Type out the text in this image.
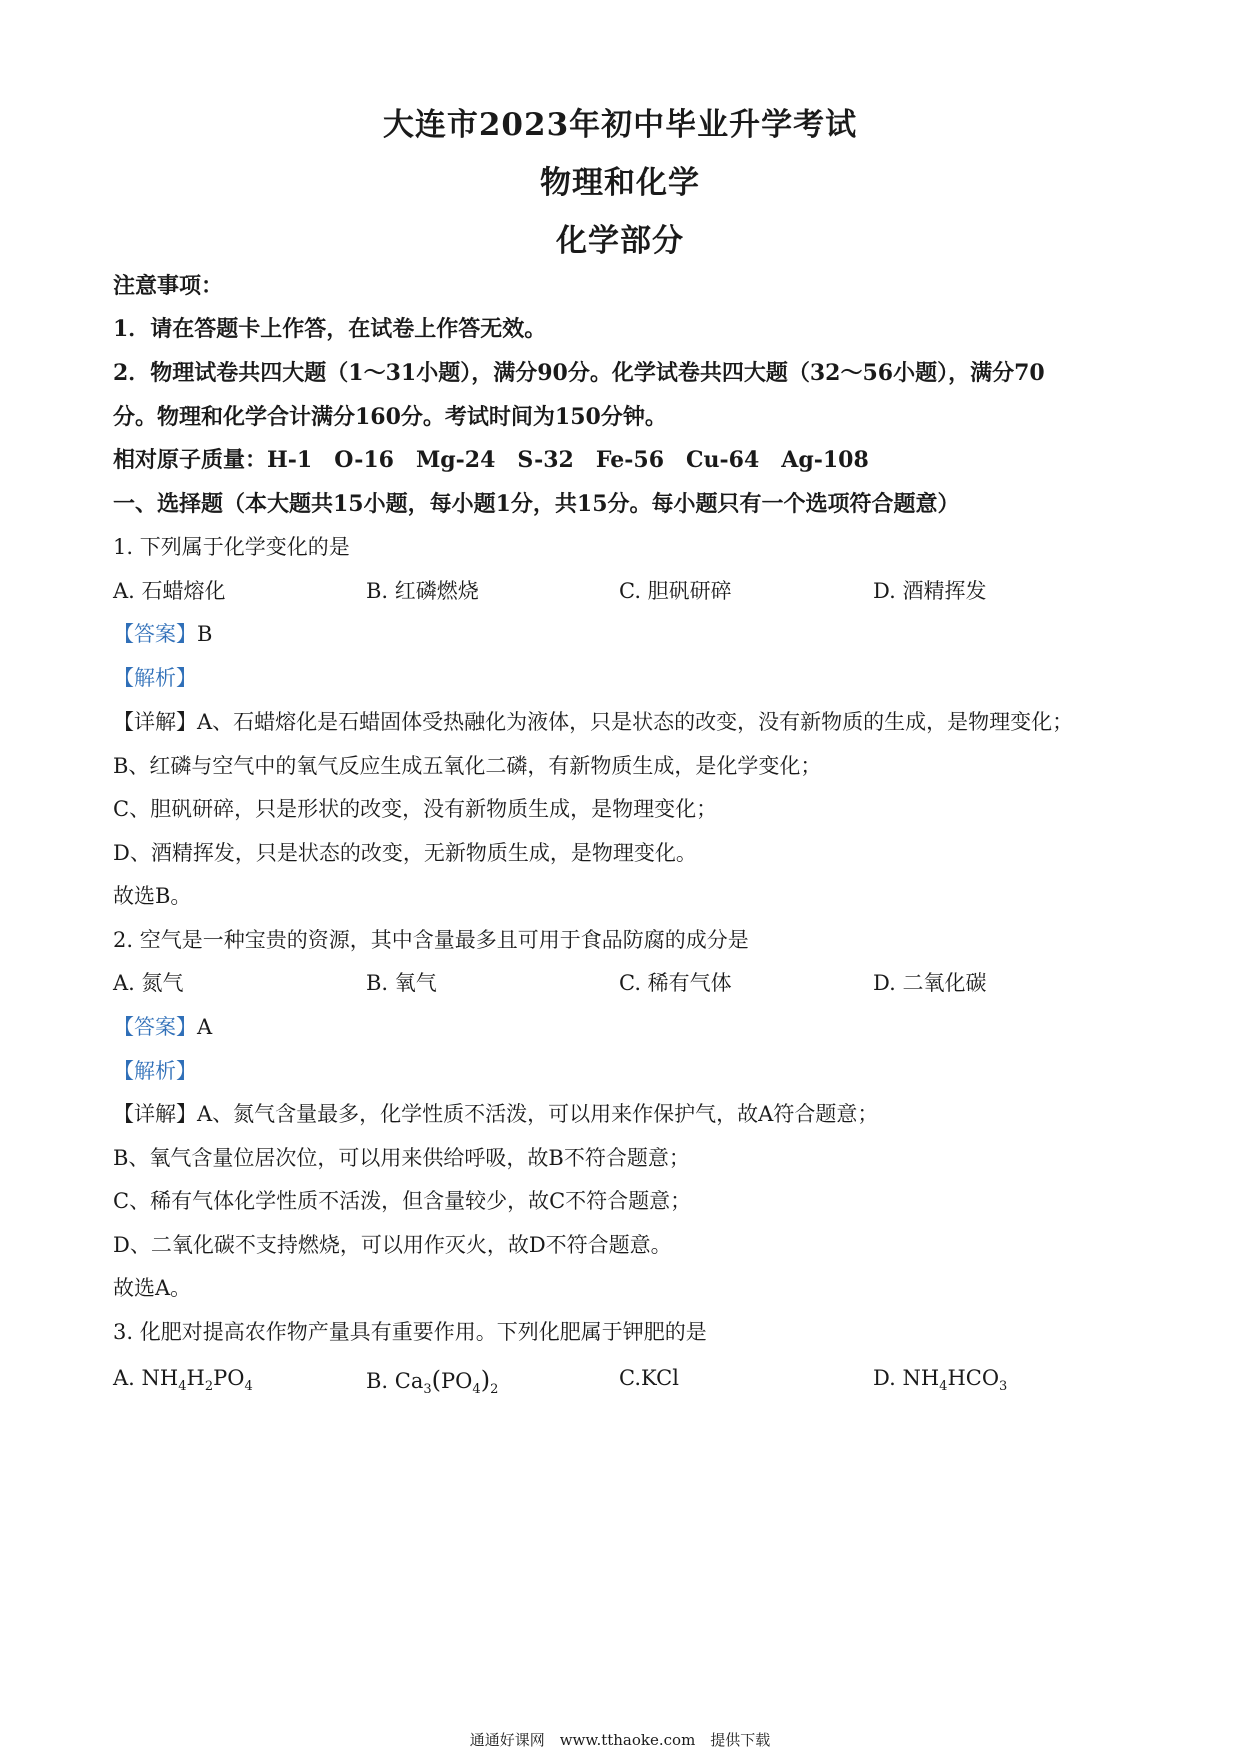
大连市2023年初中毕业升学考试
物理和化学
化学部分
注意事项：
1．请在答题卡上作答，在试卷上作答无效。
2．物理试卷共四大题（1～31小题），满分90分。化学试卷共四大题（32～56小题），满分70
分。物理和化学合计满分160分。考试时间为150分钟。
相对原子质量：H-1　O-16　Mg-24　S-32　Fe-56　Cu-64　Ag-108
一、选择题（本大题共15小题，每小题1分，共15分。每小题只有一个选项符合题意）
1. 下列属于化学变化的是
A. 石蜡熔化	B. 红磷燃烧	C. 胆矾研碎	D. 酒精挥发
【答案】B
【解析】
【详解】A、石蜡熔化是石蜡固体受热融化为液体，只是状态的改变，没有新物质的生成，是物理变化；
B、红磷与空气中的氧气反应生成五氧化二磷，有新物质生成，是化学变化；
C、胆矾研碎，只是形状的改变，没有新物质生成，是物理变化；
D、酒精挥发，只是状态的改变，无新物质生成，是物理变化。
故选B。
2. 空气是一种宝贵的资源，其中含量最多且可用于食品防腐的成分是
A. 氮气	B. 氧气	C. 稀有气体	D. 二氧化碳
【答案】A
【解析】
【详解】A、氮气含量最多，化学性质不活泼，可以用来作保护气，故A符合题意；
B、氧气含量位居次位，可以用来供给呼吸，故B不符合题意；
C、稀有气体化学性质不活泼，但含量较少，故C不符合题意；
D、二氧化碳不支持燃烧，可以用作灭火，故D不符合题意。
故选A。
3. 化肥对提高农作物产量具有重要作用。下列化肥属于钾肥的是
A. $NH_4H_2PO_4$	B. $Ca_3(PO_4)_2$	C.KCl	D. $NH_4HCO_3$
通通好课网　www.tthaoke.com　提供下载
